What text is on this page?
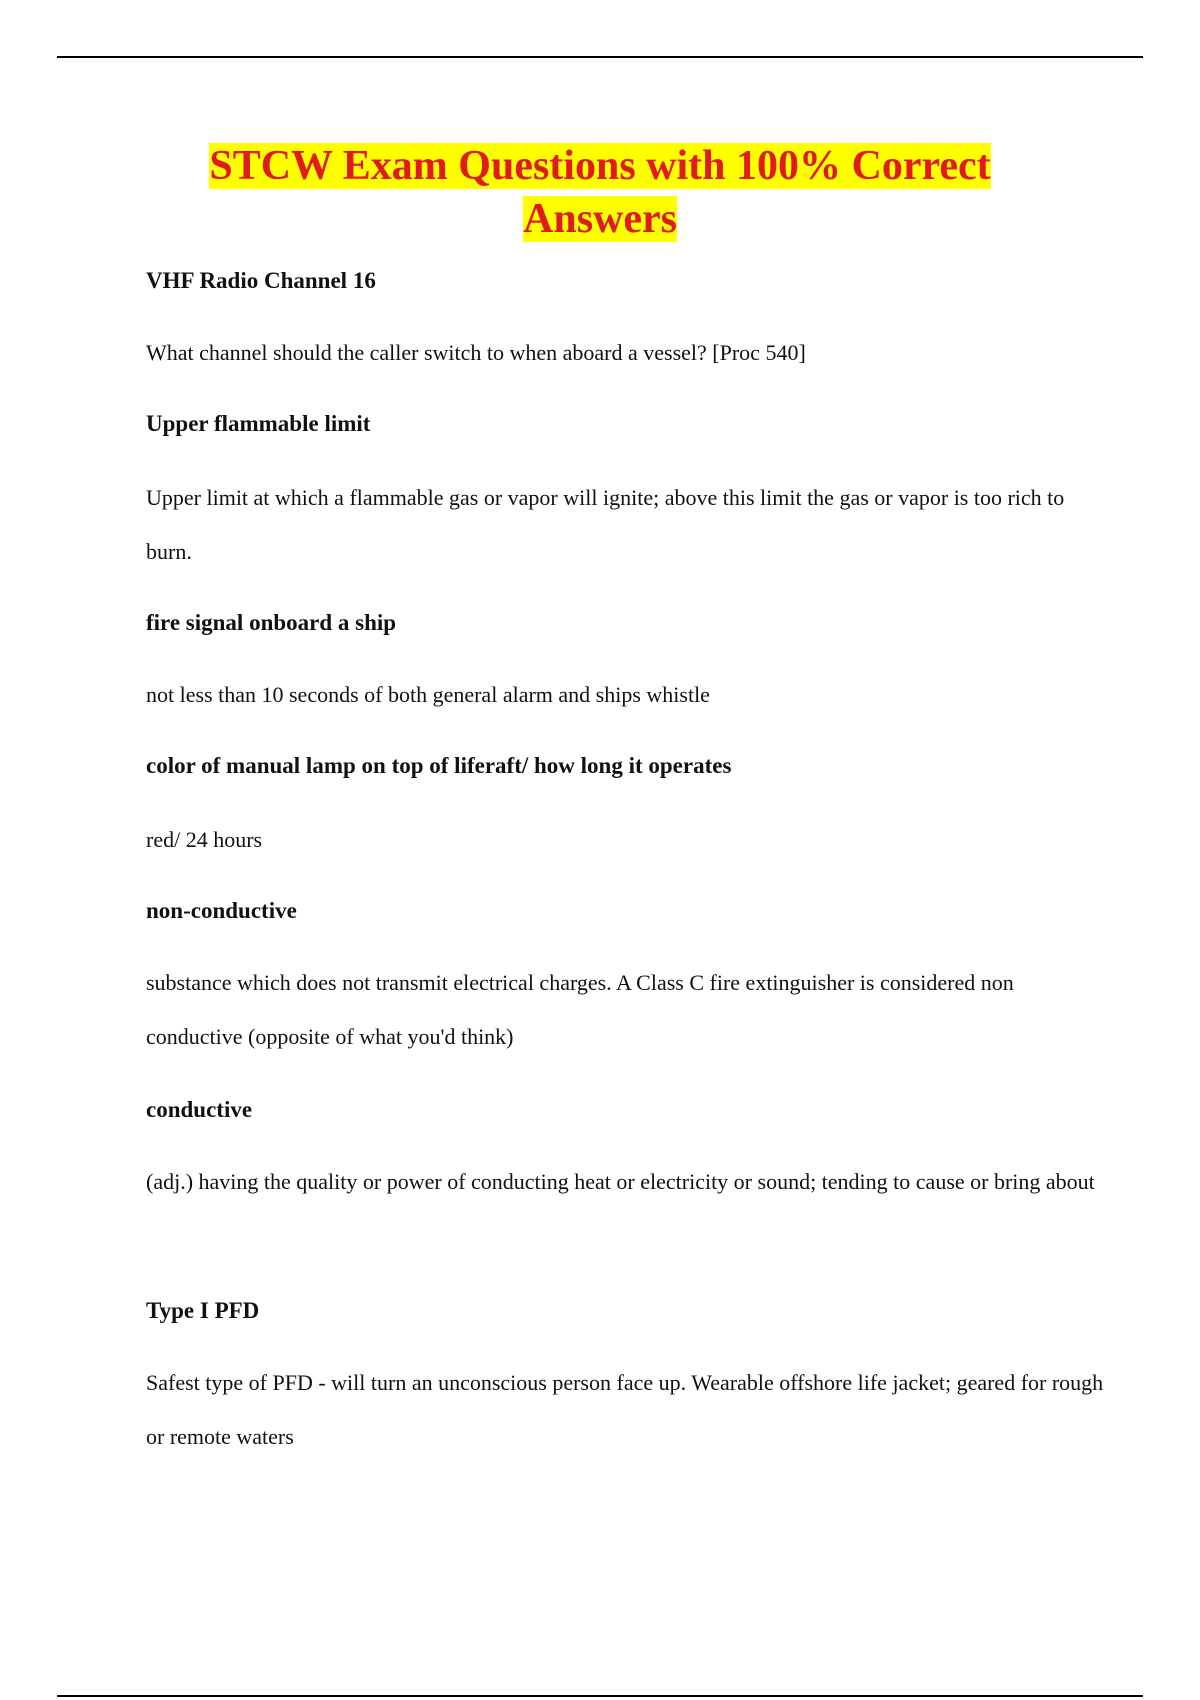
STCW Exam Questions with 100% Correct
Answers

VHF Radio Channel 16

What channel should the caller switch to when aboard a vessel? [Proc 540]

Upper flammable limit

Upper limit at which a flammable gas or vapor will ignite; above this limit the gas or vapor is too rich to burn.

fire signal onboard a ship

not less than 10 seconds of both general alarm and ships whistle

color of manual lamp on top of liferaft/ how long it operates

red/ 24 hours

non-conductive

substance which does not transmit electrical charges. A Class C fire extinguisher is considered non conductive (opposite of what you'd think)

conductive

(adj.) having the quality or power of conducting heat or electricity or sound; tending to cause or bring about

Type I PFD

Safest type of PFD - will turn an unconscious person face up. Wearable offshore life jacket; geared for rough or remote waters
